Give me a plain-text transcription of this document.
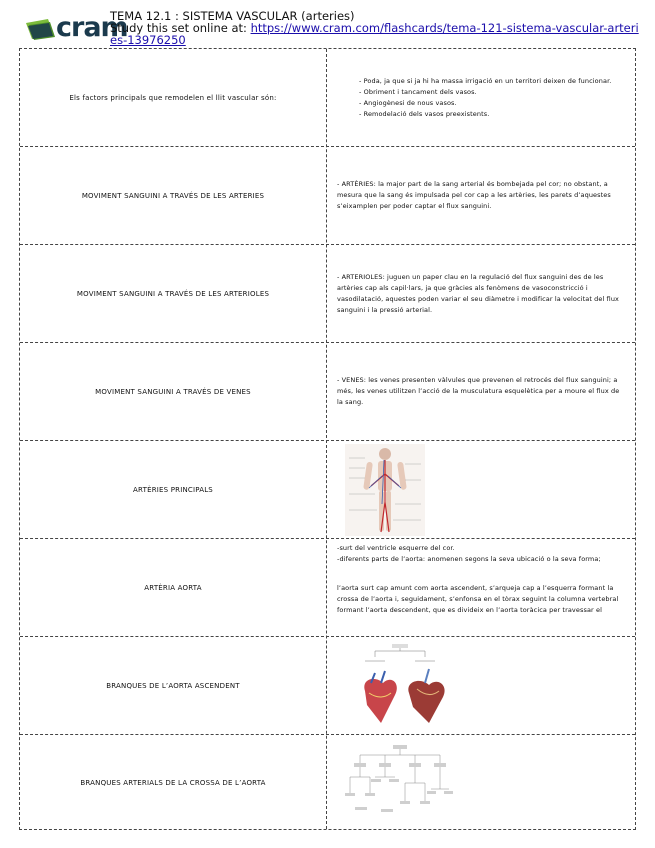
cram
TEMA 12.1 : SISTEMA VASCULAR (arteries)
Study this set online at: https://www.cram.com/flashcards/tema-121-sistema-vascular-arteries-13976250
Els factors principals que remodelen el llit vascular són:
- Poda, ja que si ja hi ha massa irrigació en un territori deixen de funcionar.
- Obriment i tancament dels vasos.
- Angiogènesi de nous vasos.
- Remodelació dels vasos preexistents.
MOVIMENT SANGUINI A TRAVÉS DE LES ARTERIES

- ARTÈRIES: la major part de la sang arterial és bombejada pel cor; no obstant, a mesura que la sang és impulsada pel cor cap a les artèries, les parets d’aquestes s’eixamplen per poder captar el flux sanguini.

MOVIMENT SANGUINI A TRAVÉS DE LES ARTERIOLES

- ARTERIOLES: juguen un paper clau en la regulació del flux sanguini des de les artèries cap als capil·lars, ja que gràcies als fenòmens de vasoconstricció i vasodilatació, aquestes poden variar el seu diàmetre i modificar la velocitat del flux sanguini i la pressió arterial.

MOVIMENT SANGUINI A TRAVÉS DE VENES

- VENES: les venes presenten vàlvules que prevenen el retrocés del flux sanguini; a més, les venes utilitzen l’acció de la musculatura esquelètica per a moure el flux de la sang.

ARTÈRIES PRINCIPALS
ARTÈRIA AORTA

-surt del ventricle esquerre del cor.

-diferents parts de l’aorta: anomenen segons la seva ubicació o la seva forma;

l’aorta surt cap amunt com aorta ascendent, s’arqueja cap a l’esquerra formant la crossa de l’aorta i, seguidament, s’enfonsa en el tòrax seguint la columna vertebral formant l’aorta descendent, que es divideix en l’aorta toràcica per travessar el

BRANQUES DE L’AORTA ASCENDENT
BRANQUES ARTERIALS DE LA CROSSA DE L’AORTA
